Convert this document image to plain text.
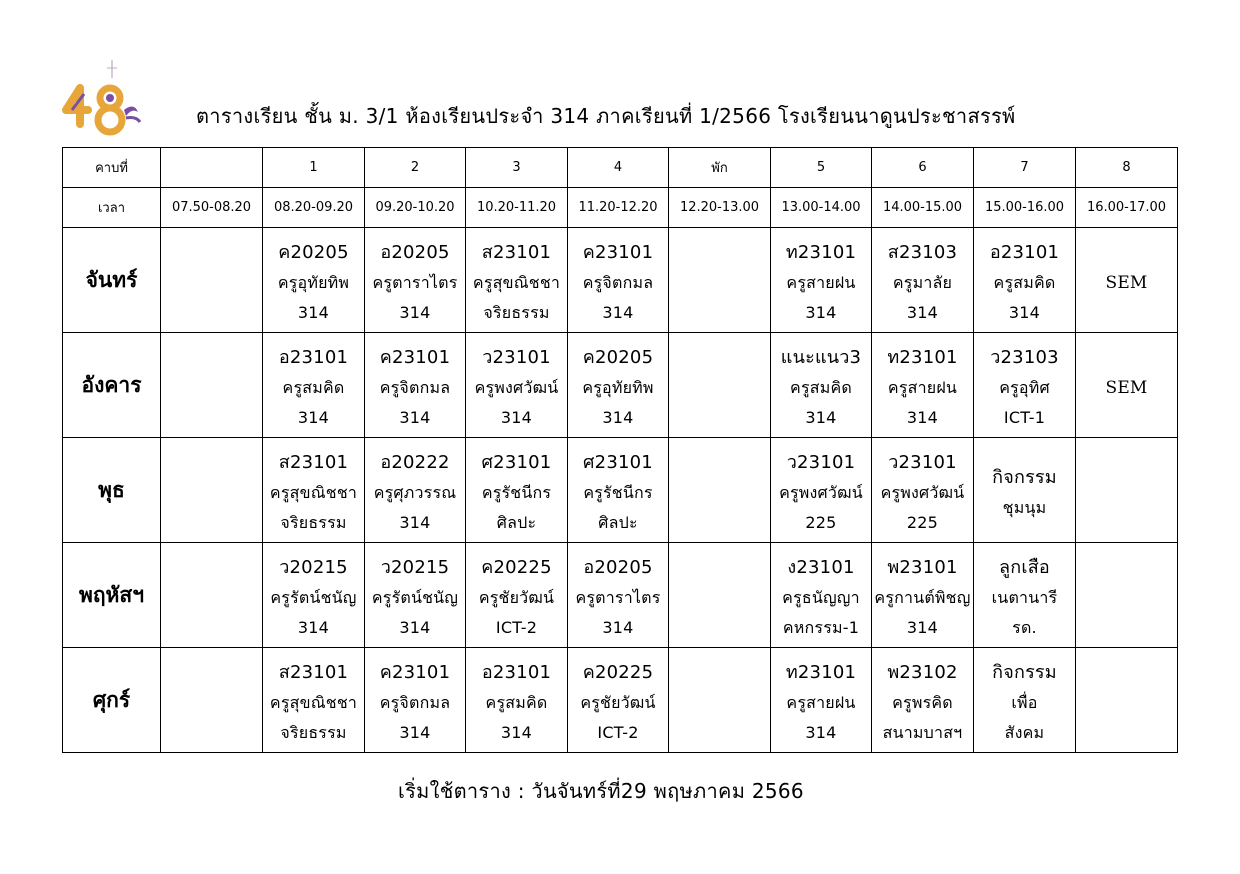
ตารางเรียน ชั้น ม. 3/1 ห้องเรียนประจำ 314 ภาคเรียนที่ 1/2566 โรงเรียนนาดูนประชาสรรพ์
คาบที่		1	2	3	4	พัก	5	6	7	8
เวลา	07.50-08.20	08.20-09.20	09.20-10.20	10.20-11.20	11.20-12.20	12.20-13.00	13.00-14.00	14.00-15.00	15.00-16.00	16.00-17.00
จันทร์		ค20205
ครูอุทัยทิพ
314	อ20205
ครูตาราไตร
314	ส23101
ครูสุขณิชชา
จริยธรรม	ค23101
ครูจิตกมล
314		ท23101
ครูสายฝน
314	ส23103
ครูมาลัย
314	อ23101
ครูสมคิด
314	SEM

อังคาร		อ23101
ครูสมคิด
314	ค23101
ครูจิตกมล
314	ว23101
ครูพงศวัฒน์
314	ค20205
ครูอุทัยทิพ
314		แนะแนว3
ครูสมคิด
314	ท23101
ครูสายฝน
314	ว23103
ครูอุทิศ
ICT-1	SEM

พุธ		ส23101
ครูสุขณิชชา
จริยธรรม	อ20222
ครูศุภวรรณ
314	ศ23101
ครูรัชนีกร
ศิลปะ	ศ23101
ครูรัชนีกร
ศิลปะ		ว23101
ครูพงศวัฒน์
225	ว23101
ครูพงศวัฒน์
225	กิจกรรม
ชุมนุม	

พฤหัสฯ		ว20215
ครูรัตน์ชนัญ
314	ว20215
ครูรัตน์ชนัญ
314	ค20225
ครูชัยวัฒน์
ICT-2	อ20205
ครูตาราไตร
314		ง23101
ครูธนัญญา
คหกรรม-1	พ23101
ครูกานต์พิชญ
314	ลูกเสือ
เนตานารี
รด.	

ศุกร์		ส23101
ครูสุขณิชชา
จริยธรรม	ค23101
ครูจิตกมล
314	อ23101
ครูสมคิด
314	ค20225
ครูชัยวัฒน์
ICT-2		ท23101
ครูสายฝน
314	พ23102
ครูพรคิด
สนามบาสฯ	กิจกรรม
เพื่อ
สังคม	

เริ่มใช้ตาราง : วันจันทร์ที่29 พฤษภาคม 2566
